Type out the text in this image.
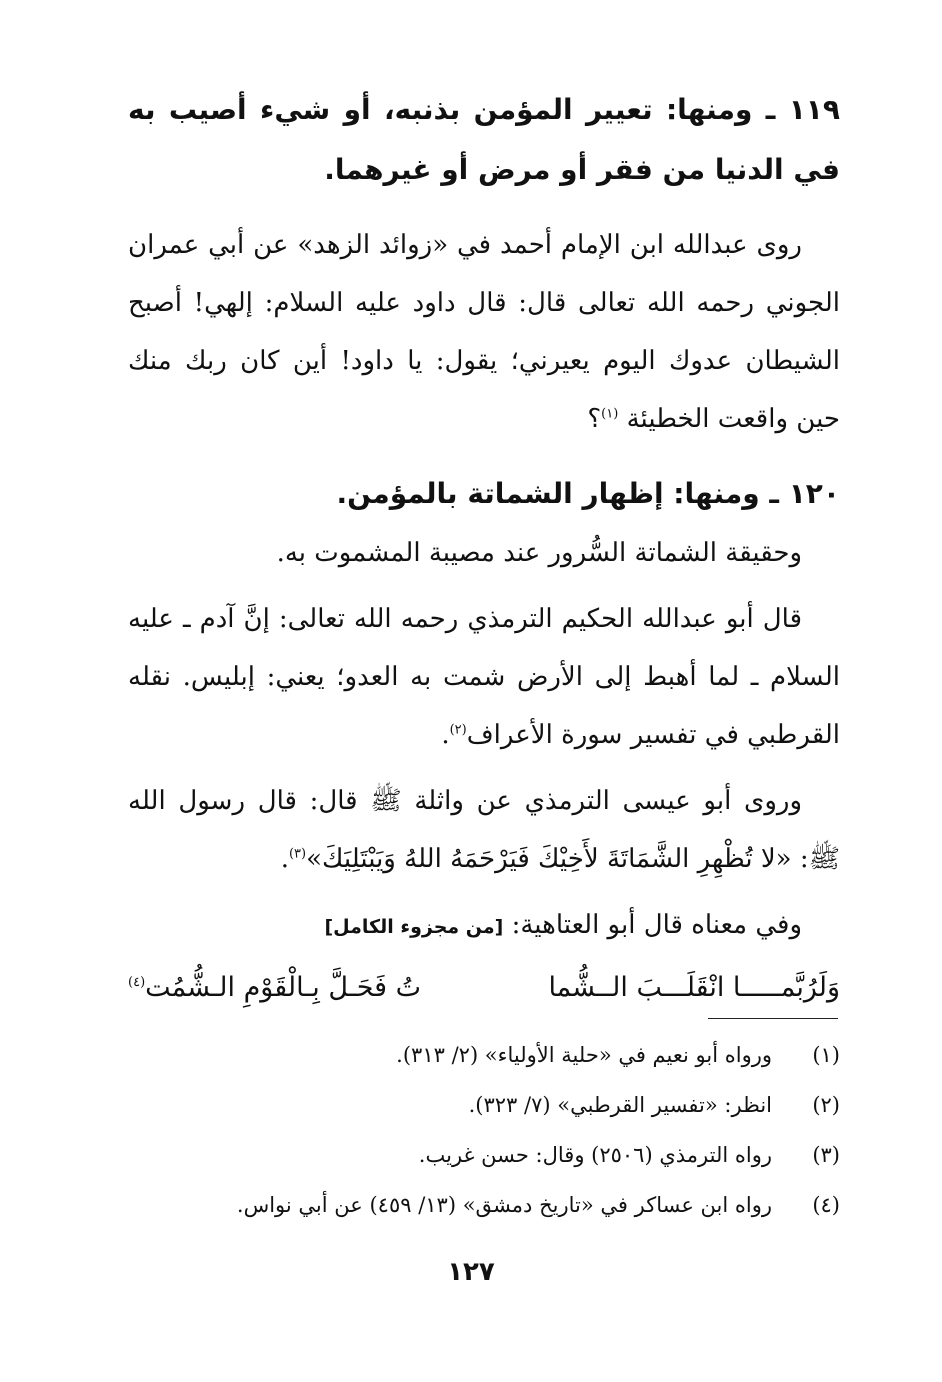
١١٩ ـ ومنها: تعيير المؤمن بذنبه، أو شيء أصيب به في الدنيا من فقر أو مرض أو غيرهما.

روى عبدالله ابن الإمام أحمد في «زوائد الزهد» عن أبي عمران الجوني رحمه الله تعالى قال: قال داود عليه السلام: إلهي! أصبح الشيطان عدوك اليوم يعيرني؛ يقول: يا داود! أين كان ربك منك حين واقعت الخطيئة $^{(١)}$؟

١٢٠ ـ ومنها: إظهار الشماتة بالمؤمن.

وحقيقة الشماتة السُّرور عند مصيبة المشموت به.

قال أبو عبدالله الحكيم الترمذي رحمه الله تعالى: إنَّ آدم ـ عليه السلام ـ لما أهبط إلى الأرض شمت به العدو؛ يعني: إبليس. نقله القرطبي في تفسير سورة الأعراف$^{(٢)}$.

وروى أبو عيسى الترمذي عن واثلة ﷺ قال: قال رسول الله ﷺ: «لا تُظْهِرِ الشَّمَاتَةَ لأَخِيْكَ فَيَرْحَمَهُ اللهُ وَيَبْتَلِيَكَ»$^{(٣)}$.

وفي معناه قال أبو العتاهية: [من مجزوء الكامل]

وَلَرُبَّمـــــا انْقَلَـــبَ الــشُّما
تُ فَحَـلَّ بِـالْقَوْمِ الـشُّمُت$^{(٤)}$
(١)
ورواه أبو نعيم في «حلية الأولياء» (٢/ ٣١٣).
(٢)
انظر: «تفسير القرطبي» (٧/ ٣٢٣).
(٣)
رواه الترمذي (٢٥٠٦) وقال: حسن غريب.
(٤)
رواه ابن عساكر في «تاريخ دمشق» (١٣/ ٤٥٩) عن أبي نواس.
١٢٧
